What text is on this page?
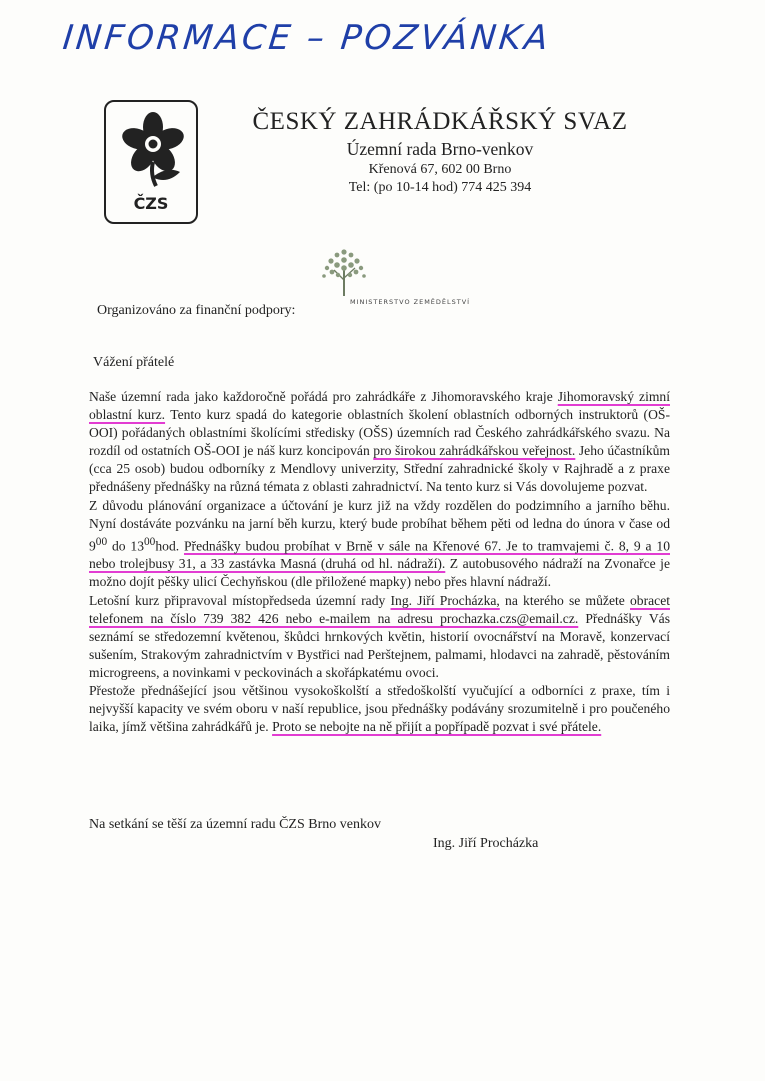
INFORMACE – POZVÁNKA
ČZS
ČESKÝ ZAHRÁDKÁŘSKÝ SVAZ
Územní rada Brno-venkov
Křenová 67, 602 00 Brno
Tel: (po 10-14 hod) 774 425 394
Organizováno za finanční podpory:
MINISTERSTVO ZEMĚDĚLSTVÍ
Vážení přátelé

Naše územní rada jako každoročně pořádá pro zahrádkáře z Jihomoravského kraje Jihomoravský zimní oblastní kurz. Tento kurz spadá do kategorie oblastních školení oblastních odborných instruktorů (OŠ-OOI) pořádaných oblastními školícími středisky (OŠS) územních rad Českého zahrádkářského svazu. Na rozdíl od ostatních OŠ-OOI je náš kurz koncipován pro širokou zahrádkářskou veřejnost. Jeho účastníkům (cca 25 osob) budou odborníky z Mendlovy univerzity, Střední zahradnické školy v Rajhradě a z praxe přednášeny přednášky na různá témata z oblasti zahradnictví. Na tento kurz si Vás dovolujeme pozvat.

Z důvodu plánování organizace a účtování je kurz již na vždy rozdělen do podzimního a jarního běhu. Nyní dostáváte pozvánku na jarní běh kurzu, který bude probíhat během pěti od ledna do února v čase od $9^{00}$ do $13^{00}hod$. Přednášky budou probíhat v Brně v sále na Křenové 67. Je to tramvajemi č. 8, 9 a 10 nebo trolejbusy 31, a 33 zastávka Masná (druhá od hl. nádraží). Z autobusového nádraží na Zvonařce je možno dojít pěšky ulicí Čechyňskou (dle přiložené mapky) nebo přes hlavní nádraží.

Letošní kurz připravoval místopředseda územní rady Ing. Jiří Procházka, na kterého se můžete obracet telefonem na číslo 739 382 426 nebo e-mailem na adresu prochazka.czs@email.cz. Přednášky Vás seznámí se středozemní květenou, škůdci hrnkových květin, historií ovocnářství na Moravě, konzervací sušením, Strakovým zahradnictvím v Bystřici nad Perštejnem, palmami, hlodavci na zahradě, pěstováním microgreens, a novinkami v peckovinách a skořápkatému ovoci.

Přestože přednášející jsou většinou vysokoškolští a středoškolští vyučující a odborníci z praxe, tím i nejvyšší kapacity ve svém oboru v naší republice, jsou přednášky podávány srozumitelně i pro poučeného laika, jímž většina zahrádkářů je. Proto se nebojte na ně přijít a popřípadě pozvat i své přátele.

Na setkání se těší za územní radu ČZS Brno venkov
Ing. Jiří Procházka
